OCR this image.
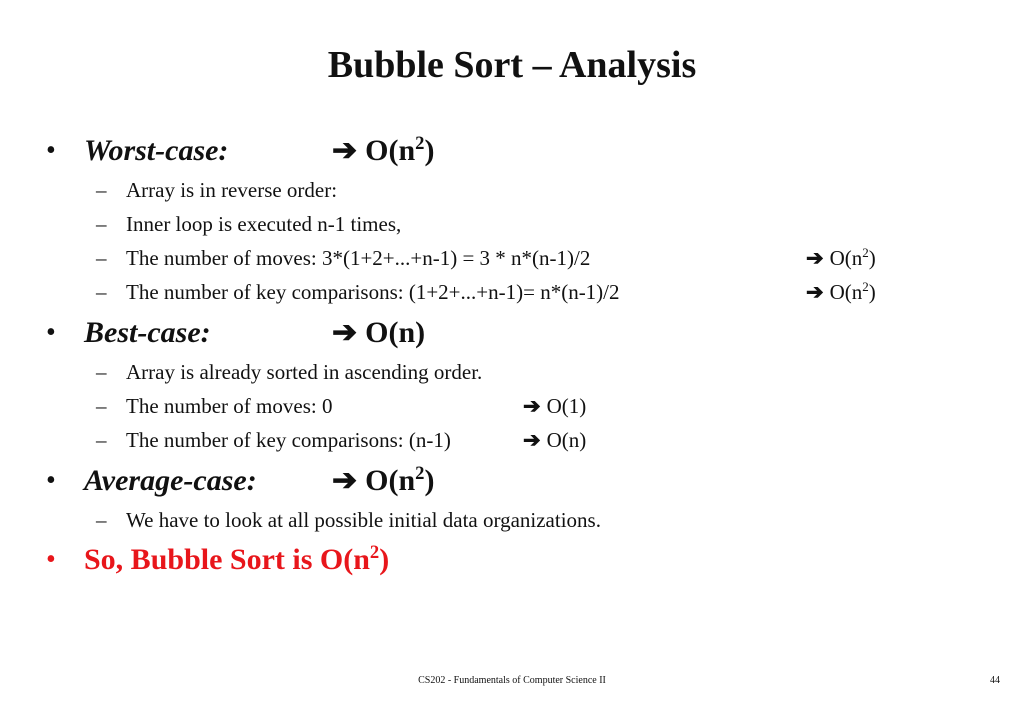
Bubble Sort – Analysis
• Worst-case:	➔ $O(n^2)$
– Array is in reverse order:
– Inner loop is executed n-1 times,
– The number of moves: 3*(1+2+...+n-1) = 3 * n*(n-1)/2	➔ $O(n^2)$
– The number of key comparisons: (1+2+...+n-1)= n*(n-1)/2	➔ $O(n^2)$
• Best-case:	➔ O(n)
– Array is already sorted in ascending order.
– The number of moves: 0	➔ O(1)
– The number of key comparisons: (n-1)	➔ O(n)
• Average-case:	➔ $O(n^2)$
– We have to look at all possible initial data organizations.
• So, Bubble Sort is $O(n^2)$
CS202 - Fundamentals of Computer Science II	44
